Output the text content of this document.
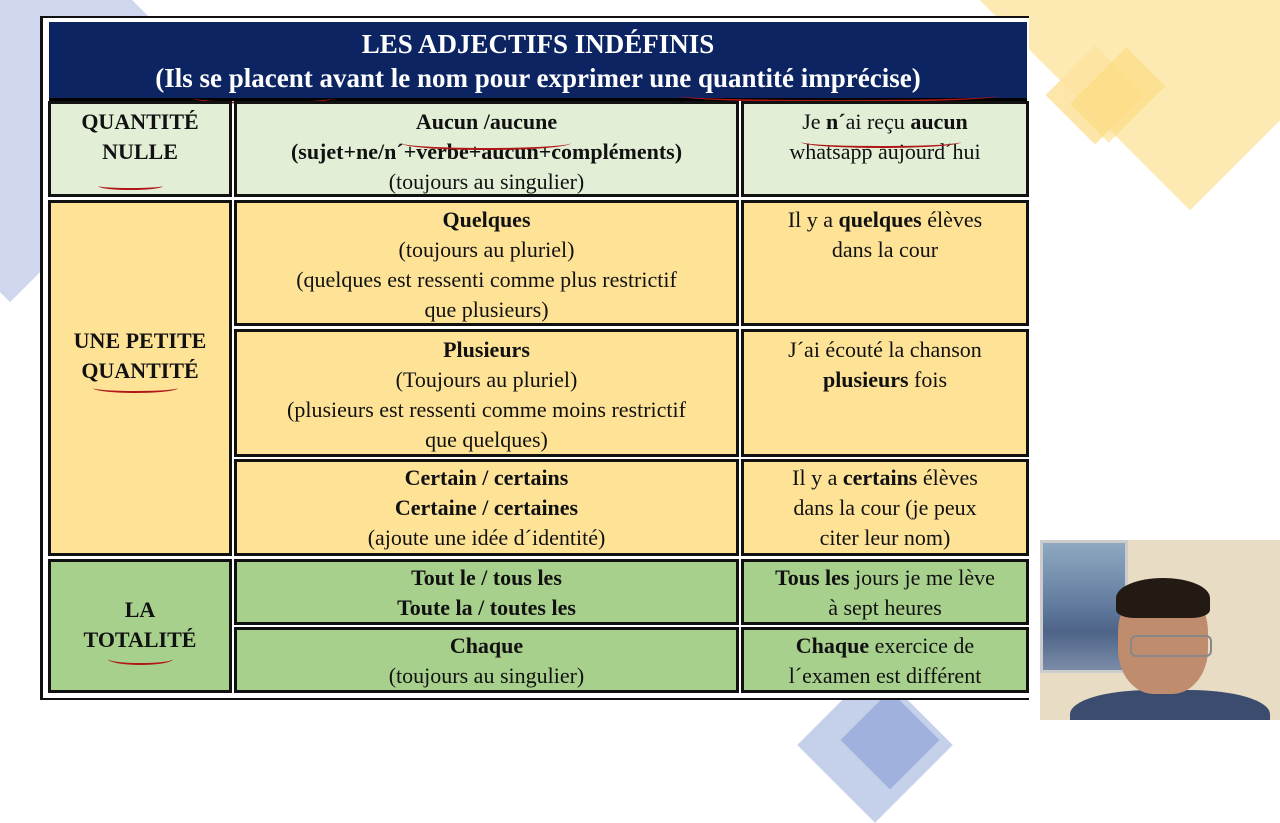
LES ADJECTIFS INDÉFINIS
(Ils se placent avant le nom pour exprimer une quantité imprécise)
QUANTITÉ
NULLE
Aucun /aucune
(sujet+ne/n´+verbe+aucun+compléments)
(toujours au singulier)
Je n´ai reçu aucun
whatsapp aujourd´hui
UNE PETITE
QUANTITÉ
Quelques
(toujours au pluriel)
(quelques est ressenti comme plus restrictif
que plusieurs)
Il y a quelques élèves
dans la cour
Plusieurs
(Toujours au pluriel)
(plusieurs est ressenti comme moins restrictif
que quelques)
J´ai écouté la chanson
plusieurs fois
Certain / certains
Certaine / certaines
(ajoute une idée d´identité)
Il y a certains élèves
dans la cour (je peux
citer leur nom)
LA
TOTALITÉ
Tout le / tous les
Toute la / toutes les
Tous les jours je me lève
à sept heures
Chaque
(toujours au singulier)
Chaque exercice de
l´examen est différent
